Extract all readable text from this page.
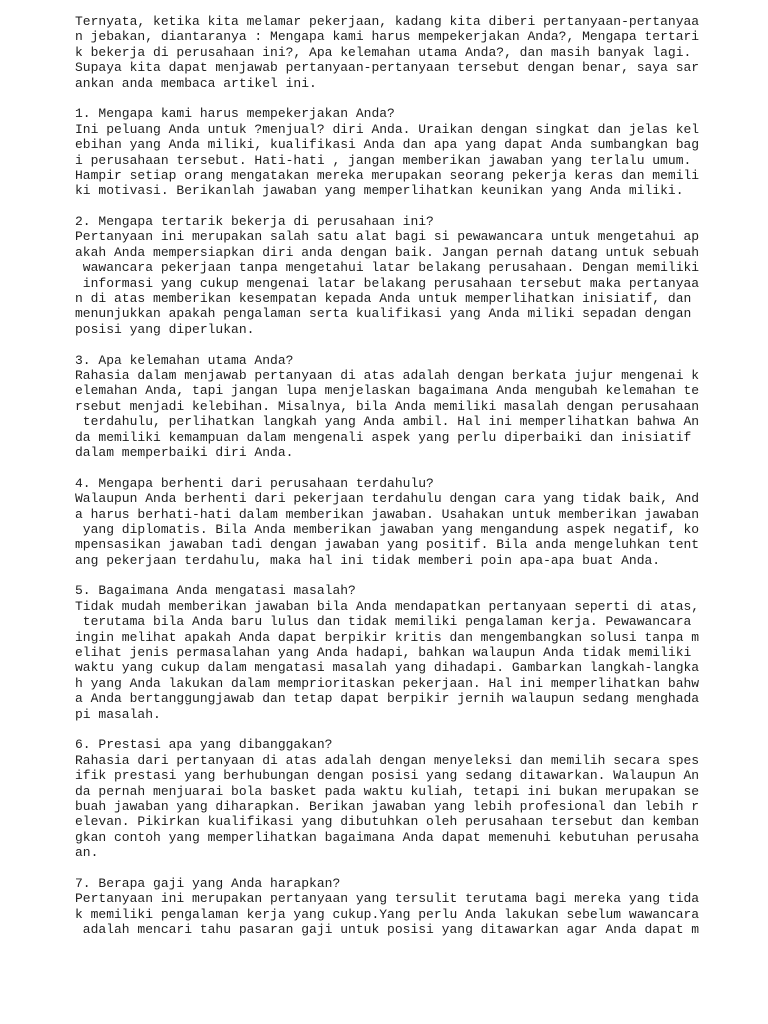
Ternyata, ketika kita melamar pekerjaan, kadang kita diberi pertanyaan-pertanyaa
n jebakan, diantaranya : Mengapa kami harus mempekerjakan Anda?, Mengapa tertari
k bekerja di perusahaan ini?, Apa kelemahan utama Anda?, dan masih banyak lagi.
Supaya kita dapat menjawab pertanyaan-pertanyaan tersebut dengan benar, saya sar
ankan anda membaca artikel ini.
1. Mengapa kami harus mempekerjakan Anda?
Ini peluang Anda untuk ?menjual? diri Anda. Uraikan dengan singkat dan jelas kel
ebihan yang Anda miliki, kualifikasi Anda dan apa yang dapat Anda sumbangkan bag
i perusahaan tersebut. Hati-hati , jangan memberikan jawaban yang terlalu umum.
Hampir setiap orang mengatakan mereka merupakan seorang pekerja keras dan memili
ki motivasi. Berikanlah jawaban yang memperlihatkan keunikan yang Anda miliki.
2. Mengapa tertarik bekerja di perusahaan ini?
Pertanyaan ini merupakan salah satu alat bagi si pewawancara untuk mengetahui ap
akah Anda mempersiapkan diri anda dengan baik. Jangan pernah datang untuk sebuah
wawancara pekerjaan tanpa mengetahui latar belakang perusahaan. Dengan memiliki
informasi yang cukup mengenai latar belakang perusahaan tersebut maka pertanyaa
n di atas memberikan kesempatan kepada Anda untuk memperlihatkan inisiatif, dan
menunjukkan apakah pengalaman serta kualifikasi yang Anda miliki sepadan dengan
posisi yang diperlukan.
3. Apa kelemahan utama Anda?
Rahasia dalam menjawab pertanyaan di atas adalah dengan berkata jujur mengenai k
elemahan Anda, tapi jangan lupa menjelaskan bagaimana Anda mengubah kelemahan te
rsebut menjadi kelebihan. Misalnya, bila Anda memiliki masalah dengan perusahaan
terdahulu, perlihatkan langkah yang Anda ambil. Hal ini memperlihatkan bahwa An
da memiliki kemampuan dalam mengenali aspek yang perlu diperbaiki dan inisiatif
dalam memperbaiki diri Anda.
4. Mengapa berhenti dari perusahaan terdahulu?
Walaupun Anda berhenti dari pekerjaan terdahulu dengan cara yang tidak baik, And
a harus berhati-hati dalam memberikan jawaban. Usahakan untuk memberikan jawaban
yang diplomatis. Bila Anda memberikan jawaban yang mengandung aspek negatif, ko
mpensasikan jawaban tadi dengan jawaban yang positif. Bila anda mengeluhkan tent
ang pekerjaan terdahulu, maka hal ini tidak memberi poin apa-apa buat Anda.
5. Bagaimana Anda mengatasi masalah?
Tidak mudah memberikan jawaban bila Anda mendapatkan pertanyaan seperti di atas,
terutama bila Anda baru lulus dan tidak memiliki pengalaman kerja. Pewawancara
ingin melihat apakah Anda dapat berpikir kritis dan mengembangkan solusi tanpa m
elihat jenis permasalahan yang Anda hadapi, bahkan walaupun Anda tidak memiliki
waktu yang cukup dalam mengatasi masalah yang dihadapi. Gambarkan langkah-langka
h yang Anda lakukan dalam memprioritaskan pekerjaan. Hal ini memperlihatkan bahw
a Anda bertanggungjawab dan tetap dapat berpikir jernih walaupun sedang menghada
pi masalah.
6. Prestasi apa yang dibanggakan?
Rahasia dari pertanyaan di atas adalah dengan menyeleksi dan memilih secara spes
ifik prestasi yang berhubungan dengan posisi yang sedang ditawarkan. Walaupun An
da pernah menjuarai bola basket pada waktu kuliah, tetapi ini bukan merupakan se
buah jawaban yang diharapkan. Berikan jawaban yang lebih profesional dan lebih r
elevan. Pikirkan kualifikasi yang dibutuhkan oleh perusahaan tersebut dan kemban
gkan contoh yang memperlihatkan bagaimana Anda dapat memenuhi kebutuhan perusaha
an.
7. Berapa gaji yang Anda harapkan?
Pertanyaan ini merupakan pertanyaan yang tersulit terutama bagi mereka yang tida
k memiliki pengalaman kerja yang cukup.Yang perlu Anda lakukan sebelum wawancara
adalah mencari tahu pasaran gaji untuk posisi yang ditawarkan agar Anda dapat m
